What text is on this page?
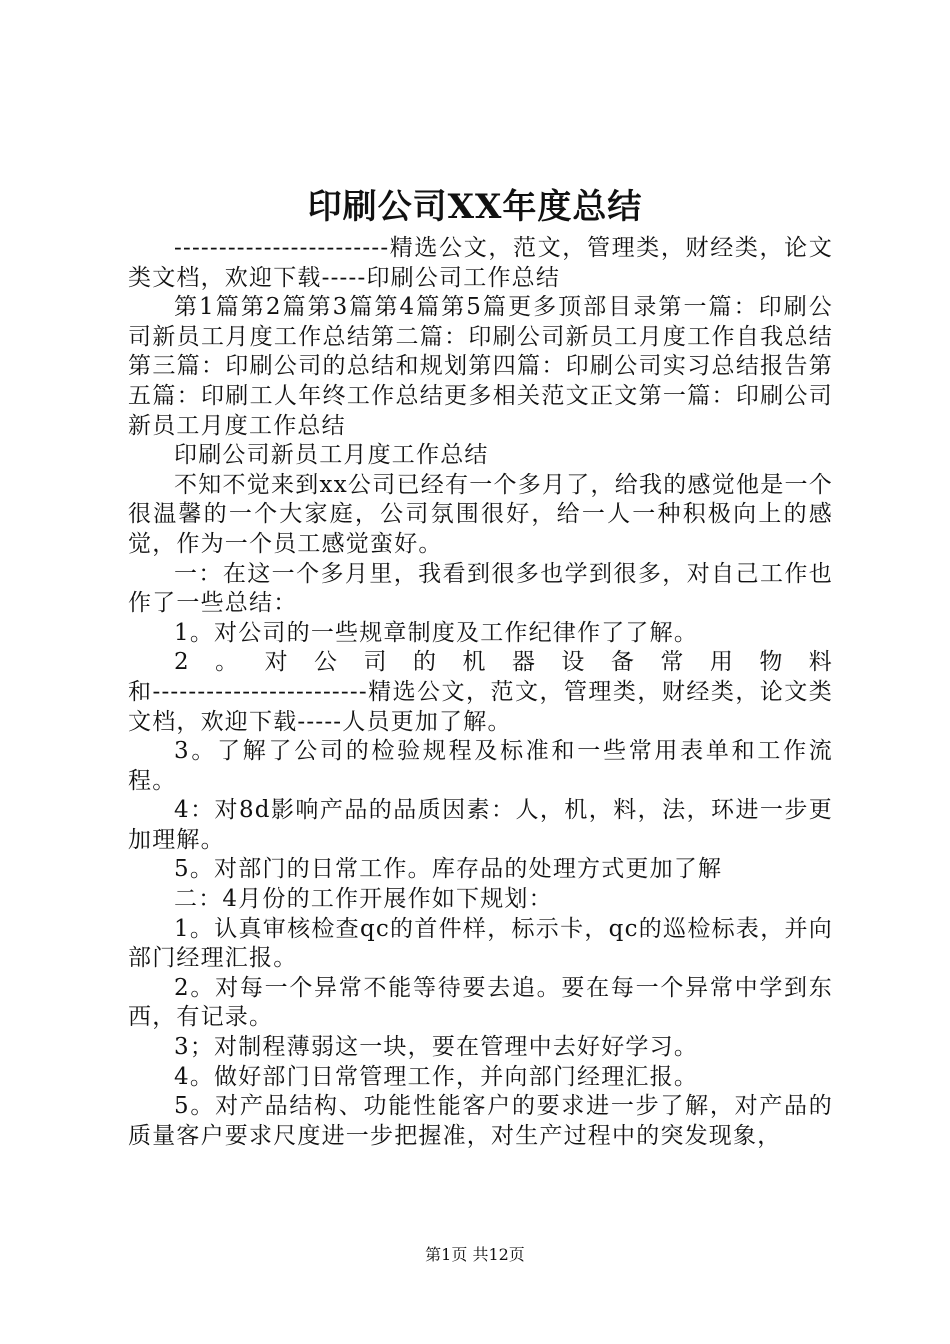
印刷公司XX年度总结

------------------------精选公文，范文，管理类，财经类，论文类文档，欢迎下载-----印刷公司工作总结

第1篇第2篇第3篇第4篇第5篇更多顶部目录第一篇：印刷公司新员工月度工作总结第二篇：印刷公司新员工月度工作自我总结第三篇：印刷公司的总结和规划第四篇：印刷公司实习总结报告第五篇：印刷工人年终工作总结更多相关范文正文第一篇：印刷公司新员工月度工作总结

印刷公司新员工月度工作总结

不知不觉来到xx公司已经有一个多月了，给我的感觉他是一个很温馨的一个大家庭，公司氛围很好，给一人一种积极向上的感觉，作为一个员工感觉蛮好。

一：在这一个多月里，我看到很多也学到很多，对自己工作也作了一些总结：

1。对公司的一些规章制度及工作纪律作了了解。

2。对公司的机器设备常用物料

和------------------------精选公文，范文，管理类，财经类，论文类文档，欢迎下载-----人员更加了解。

3。了解了公司的检验规程及标准和一些常用表单和工作流程。

4：对8d影响产品的品质因素：人，机，料，法，环进一步更加理解。

5。对部门的日常工作。库存品的处理方式更加了解

二：4月份的工作开展作如下规划：

1。认真审核检查qc的首件样，标示卡，qc的巡检标表，并向部门经理汇报。

2。对每一个异常不能等待要去追。要在每一个异常中学到东西，有记录。

3；对制程薄弱这一块，要在管理中去好好学习。

4。做好部门日常管理工作，并向部门经理汇报。

5。对产品结构、功能性能客户的要求进一步了解，对产品的质量客户要求尺度进一步把握准，对生产过程中的突发现象，

第1页 共12页
